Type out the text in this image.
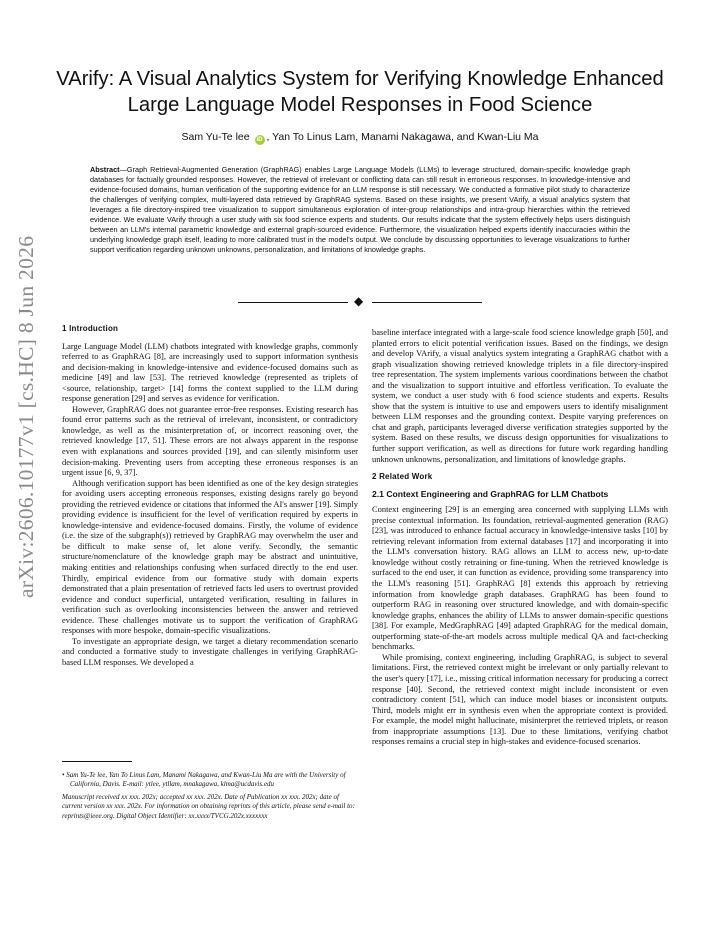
arXiv:2606.10177v1 [cs.HC] 8 Jun 2026
VArify: A Visual Analytics System for Verifying Knowledge Enhanced Large Language Model Responses in Food Science
Sam Yu-Te lee iD , Yan To Linus Lam, Manami Nakagawa, and Kwan-Liu Ma
Abstract—Graph Retrieval-Augmented Generation (GraphRAG) enables Large Language Models (LLMs) to leverage structured, domain-specific knowledge graph databases for factually grounded responses. However, the retrieval of irrelevant or conflicting data can still result in erroneous responses. In knowledge-intensive and evidence-focused domains, human verification of the supporting evidence for an LLM response is still necessary. We conducted a formative pilot study to characterize the challenges of verifying complex, multi-layered data retrieved by GraphRAG systems. Based on these insights, we present VArify, a visual analytics system that leverages a file directory-inspired tree visualization to support simultaneous exploration of inter-group relationships and intra-group hierarchies within the retrieved evidence. We evaluate VArify through a user study with six food science experts and students. Our results indicate that the system effectively helps users distinguish between an LLM's internal parametric knowledge and external graph-sourced evidence. Furthermore, the visualization helped experts identify inaccuracies within the underlying knowledge graph itself, leading to more calibrated trust in the model's output. We conclude by discussing opportunities to leverage visualizations to further support verification regarding unknown unknowns, personalization, and limitations of knowledge graphs.
◆
1 Introduction

Large Language Model (LLM) chatbots integrated with knowledge graphs, commonly referred to as GraphRAG [8], are increasingly used to support information synthesis and decision-making in knowledge-intensive and evidence-focused domains such as medicine [49] and law [53]. The retrieved knowledge (represented as triplets of <source, relationship, target> [14] forms the context supplied to the LLM during response generation [29] and serves as evidence for verification.

However, GraphRAG does not guarantee error-free responses. Existing research has found error patterns such as the retrieval of irrelevant, inconsistent, or contradictory knowledge, as well as the misinterpretation of, or incorrect reasoning over, the retrieved knowledge [17, 51]. These errors are not always apparent in the response even with explanations and sources provided [19], and can silently misinform user decision-making. Preventing users from accepting these erroneous responses is an urgent issue [6, 9, 37].

Although verification support has been identified as one of the key design strategies for avoiding users accepting erroneous responses, existing designs rarely go beyond providing the retrieved evidence or citations that informed the AI's answer [19]. Simply providing evidence is insufficient for the level of verification required by experts in knowledge-intensive and evidence-focused domains. Firstly, the volume of evidence (i.e. the size of the subgraph(s)) retrieved by GraphRAG may overwhelm the user and be difficult to make sense of, let alone verify. Secondly, the semantic structure/nomenclature of the knowledge graph may be abstract and unintuitive, making entities and relationships confusing when surfaced directly to the end user. Thirdly, empirical evidence from our formative study with domain experts demonstrated that a plain presentation of retrieved facts led users to overtrust provided evidence and conduct superficial, untargeted verification, resulting in failures in verification such as overlooking inconsistencies between the answer and retrieved evidence. These challenges motivate us to support the verification of GraphRAG responses with more bespoke, domain-specific visualizations.

To investigate an appropriate design, we target a dietary recommendation scenario and conducted a formative study to investigate challenges in verifying GraphRAG-based LLM responses. We developed a

• Sam Yu-Te lee, Yan To Linus Lam, Manami Nakagawa, and Kwan-Liu Ma are with the University of California, Davis. E-mail: ytlee, ytllam, mnakagawa, klma@ucdavis.edu
Manuscript received xx xxx. 202x; accepted xx xxx. 202x. Date of Publication xx xxx. 202x; date of current version xx xxx. 202x. For information on obtaining reprints of this article, please send e-mail to: reprints@ieee.org. Digital Object Identifier: xx.xxxx/TVCG.202x.xxxxxxx

baseline interface integrated with a large-scale food science knowledge graph [50], and planted errors to elicit potential verification issues. Based on the findings, we design and develop VArify, a visual analytics system integrating a GraphRAG chatbot with a graph visualization showing retrieved knowledge triplets in a file directory-inspired tree representation. The system implements various coordinations between the chatbot and the visualization to support intuitive and effortless verification. To evaluate the system, we conduct a user study with 6 food science students and experts. Results show that the system is intuitive to use and empowers users to identify misalignment between LLM responses and the grounding context. Despite varying preferences on chat and graph, participants leveraged diverse verification strategies supported by the system. Based on these results, we discuss design opportunities for visualizations to further support verification, as well as directions for future work regarding handling unknown unknowns, personalization, and limitations of knowledge graphs.

2 Related Work
2.1 Context Engineering and GraphRAG for LLM Chatbots

Context engineering [29] is an emerging area concerned with supplying LLMs with precise contextual information. Its foundation, retrieval-augmented generation (RAG) [23], was introduced to enhance factual accuracy in knowledge-intensive tasks [10] by retrieving relevant information from external databases [17] and incorporating it into the LLM's conversation history. RAG allows an LLM to access new, up-to-date knowledge without costly retraining or fine-tuning. When the retrieved knowledge is surfaced to the end user, it can function as evidence, providing some transparency into the LLM's reasoning [51]. GraphRAG [8] extends this approach by retrieving information from knowledge graph databases. GraphRAG has been found to outperform RAG in reasoning over structured knowledge, and with domain-specific knowledge graphs, enhances the ability of LLMs to answer domain-specific questions [38]. For example, MedGraphRAG [49] adapted GraphRAG for the medical domain, outperforming state-of-the-art models across multiple medical QA and fact-checking benchmarks.

While promising, context engineering, including GraphRAG, is subject to several limitations. First, the retrieved context might be irrelevant or only partially relevant to the user's query [17], i.e., missing critical information necessary for producing a correct response [40]. Second, the retrieved context might include inconsistent or even contradictory content [51], which can induce model biases or inconsistent outputs. Third, models might err in synthesis even when the appropriate context is provided. For example, the model might hallucinate, misinterpret the retrieved triplets, or reason from inappropriate assumptions [13]. Due to these limitations, verifying chatbot responses remains a crucial step in high-stakes and evidence-focused scenarios.
